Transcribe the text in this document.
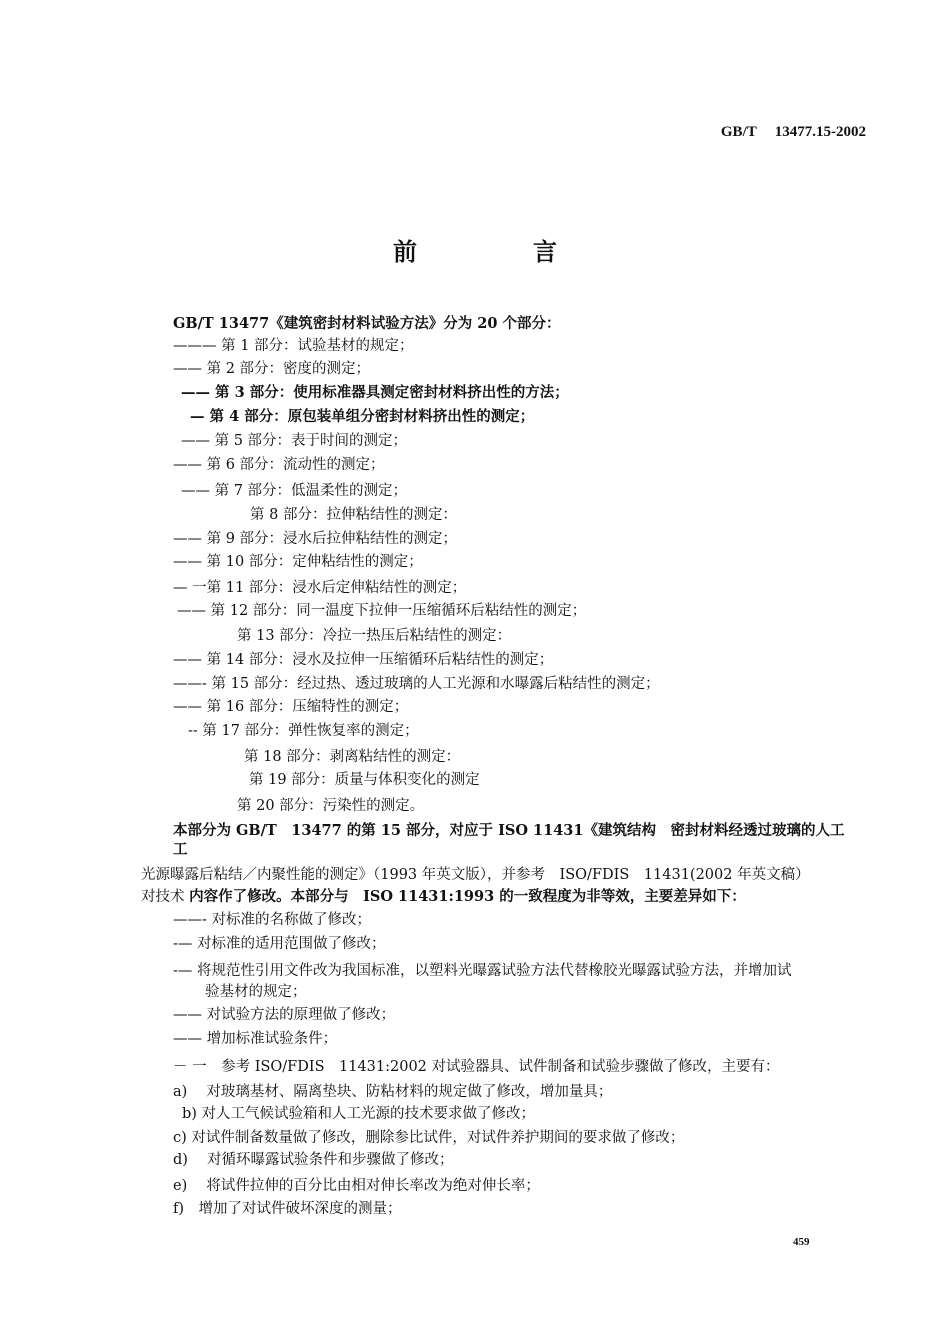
GB/T 13477.15-2002
前　言
GB/T 13477《建筑密封材料试验方法》分为 20 个部分：
——— 第 1 部分：试验基材的规定；
—— 第 2 部分：密度的测定；
—— 第 3 部分：使用标准器具测定密封材料挤出性的方法；
— 第 4 部分：原包装单组分密封材料挤出性的测定；
—— 第 5 部分：表于时间的测定；
—— 第 6 部分：流动性的测定；
—— 第 7 部分：低温柔性的测定；
第 8 部分：拉伸粘结性的测定：
—— 第 9 部分：浸水后拉伸粘结性的测定；
—— 第 10 部分：定伸粘结性的测定；
— 一第 11 部分：浸水后定伸粘结性的测定；
—— 第 12 部分：同一温度下拉伸一压缩循环后粘结性的测定；
第 13 部分：冷拉一热压后粘结性的测定：
—— 第 14 部分：浸水及拉伸一压缩循环后粘结性的测定；
——- 第 15 部分：经过热、透过玻璃的人工光源和水曝露后粘结性的测定；
—— 第 16 部分：压缩特性的测定；
-- 第 17 部分：弹性恢复率的测定；
第 18 部分：剥离粘结性的测定：
第 19 部分：质量与体积变化的测定
第 20 部分：污染性的测定。
本部分为 GB/T　13477 的第 15 部分，对应于 ISO 11431《建筑结构　密封材料经透过玻璃的人工
工
光源曝露后粘结／内聚性能的测定》（1993 年英文版），并参考　ISO/FDIS　11431(2002 年英文稿）
对技术 内容作了修改。本部分与　ISO 11431:1993 的一致程度为非等效，主要差异如下：
——- 对标准的名称做了修改；
-— 对标准的适用范围做了修改；
-— 将规范性引用文件改为我国标准，以塑料光曝露试验方法代替橡胶光曝露试验方法，并增加试
验基材的规定；
—— 对试验方法的原理做了修改；
—— 增加标准试验条件；
－ 一　参考 ISO/FDIS　11431:2002 对试验器具、试件制备和试验步骤做了修改，主要有：
a)　 对玻璃基材、隔离垫块、防粘材料的规定做了修改，增加量具；
b) 对人工气候试验箱和人工光源的技术要求做了修改；
c) 对试件制备数量做了修改，删除参比试件，对试件养护期间的要求做了修改；
d)　 对循环曝露试验条件和步骤做了修改；
e)　 将试件拉伸的百分比由相对伸长率改为绝对伸长率；
f)　增加了对试件破坏深度的测量；
459
